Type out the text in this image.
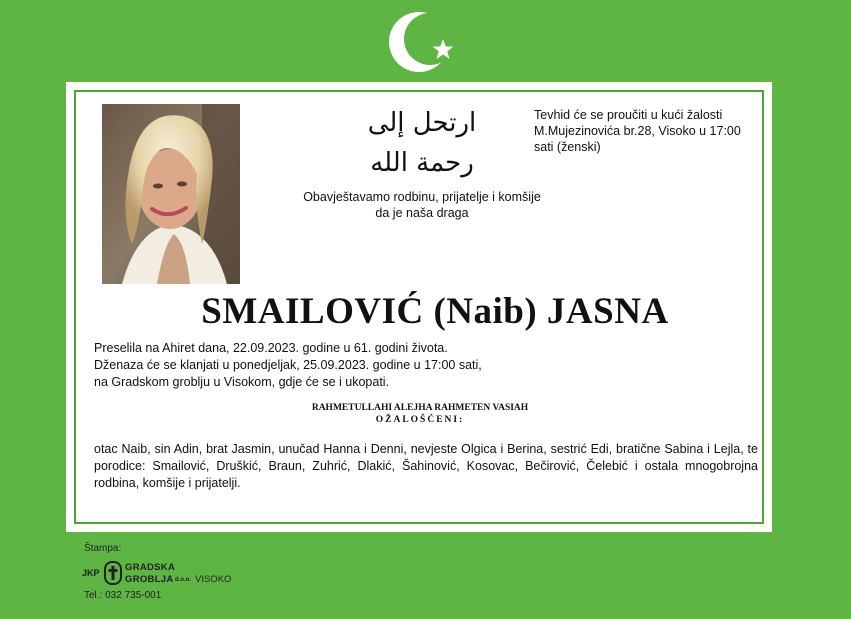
ارتحل إلى رحمة الله
Tevhid će se proučiti u kući žalosti M.Mujezinovića br.28, Visoko u 17:00 sati (ženski)
Obavještavamo rodbinu, prijatelje i komšije
da je naša draga
SMAILOVIĆ (Naib) JASNA
Preselila na Ahiret dana, 22.09.2023. godine u 61. godini života.
Dženaza će se klanjati u ponedjeljak, 25.09.2023. godine u 17:00 sati,
na Gradskom groblju u Visokom, gdje će se i ukopati.
RAHMETULLAHI ALEJHA RAHMETEN VASIAH
OŽALOŠĆENI:
otac Naib, sin Adin, brat Jasmin, unučad Hanna i Denni, nevjeste Olgica i Berina, sestrić Edi, bratične Sabina i Lejla, te porodice: Smailović, Druškić, Braun, Zuhrić, Dlakić, Šahinović, Kosovac, Bečirović, Čelebić i ostala mnogobrojna rodbina, komšije i prijatelji.
Štampa:
JKP	GRADSKA
GROBLJA d.o.o. VISOKO
Tel.: 032 735-001
